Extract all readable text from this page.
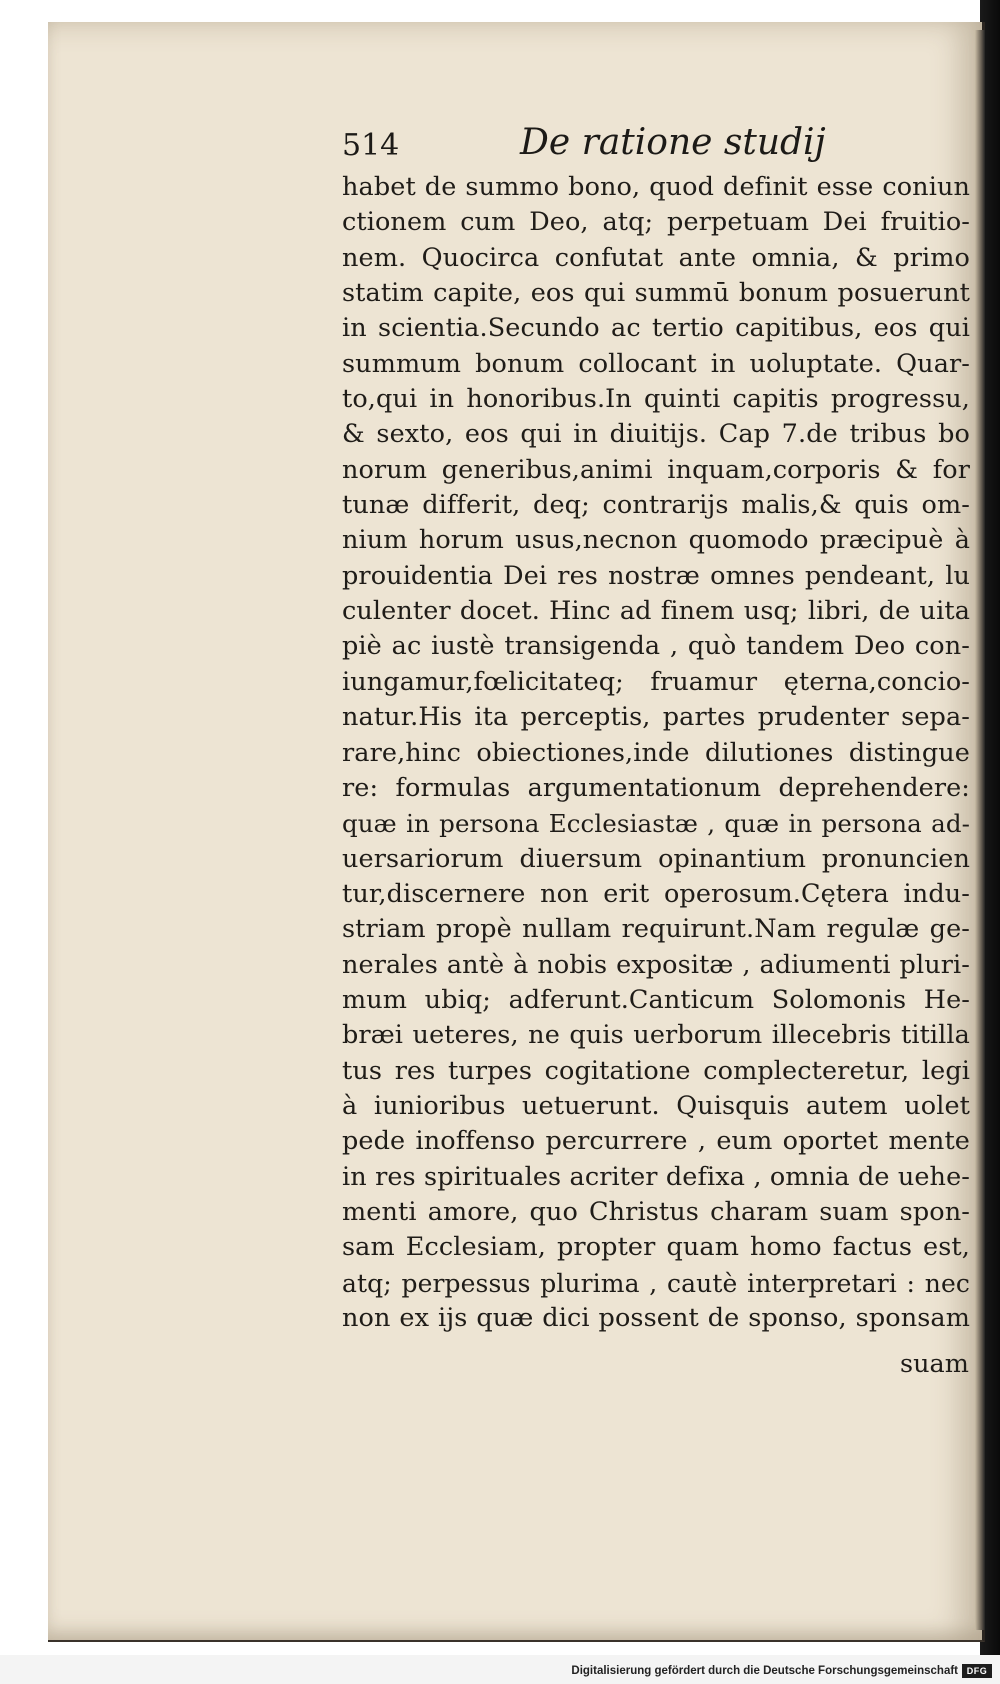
514	De ratione studij
habet de summo bono, quod definit esse coniun
ctionem cum Deo, atq; perpetuam Dei fruitio-
nem. Quocirca confutat ante omnia, & primo
statim capite, eos qui summū bonum posuerunt
in scientia.Secundo ac tertio capitibus, eos qui
summum bonum collocant in uoluptate. Quar-
to,qui in honoribus.In quinti capitis progressu,
& sexto, eos qui in diuitijs. Cap 7.de tribus bo
norum generibus,animi inquam,corporis & for
tunæ differit, deq; contrarijs malis,& quis om-
nium horum usus,necnon quomodo præcipuè à
prouidentia Dei res nostræ omnes pendeant, lu
culenter docet. Hinc ad finem usq; libri, de uita
piè ac iustè transigenda , quò tandem Deo con-
iungamur,fœlicitateq; fruamur ęterna,concio-
natur.His ita perceptis, partes prudenter sepa-
rare,hinc obiectiones,inde dilutiones distingue
re: formulas argumentationum deprehendere:
quæ in persona Ecclesiastæ , quæ in persona ad-
uersariorum diuersum opinantium pronuncien
tur,discernere non erit operosum.Cętera indu-
striam propè nullam requirunt.Nam regulæ ge-
nerales antè à nobis expositæ , adiumenti pluri-
mum ubiq; adferunt.Canticum Solomonis He-
bræi ueteres, ne quis uerborum illecebris titilla
tus res turpes cogitatione complecteretur, legi
à iunioribus uetuerunt. Quisquis autem uolet
pede inoffenso percurrere , eum oportet mente
in res spirituales acriter defixa , omnia de uehe-
menti amore, quo Christus charam suam spon-
sam Ecclesiam, propter quam homo factus est,
atq; perpessus plurima , cautè interpretari : nec
non ex ijs quæ dici possent de sponso, sponsam
suam
Digitalisierung gefördert durch die Deutsche Forschungsgemeinschaft DFG
